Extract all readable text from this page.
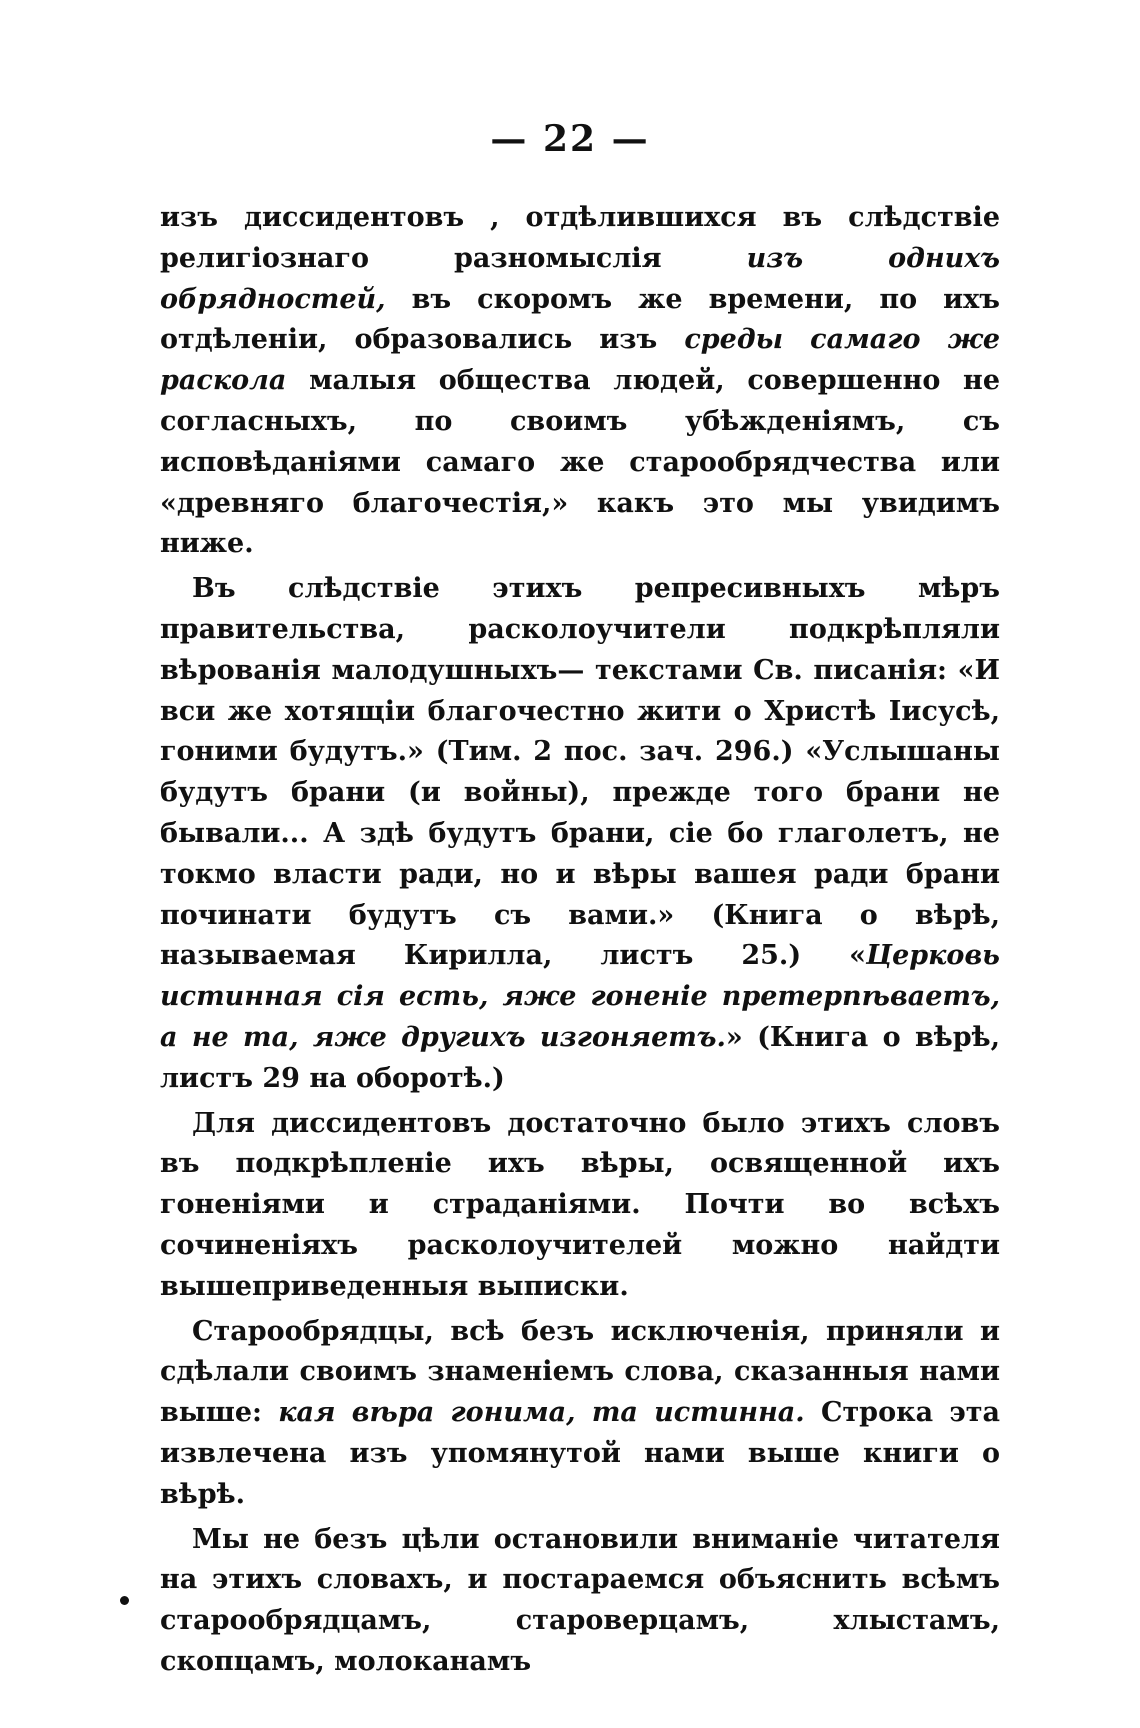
— 22 —

изъ диссидентовъ , отдѣлившихся въ слѣдствіе религіознаго разномыслія изъ однихъ обрядностей, въ скоромъ же времени, по ихъ отдѣленіи, образовались изъ среды самаго же раскола малыя общества людей, совершенно не согласныхъ, по своимъ убѣжденіямъ, съ исповѣданіями самаго же старообрядчества или «древняго благочестія,» какъ это мы увидимъ ниже.

Въ слѣдствіе этихъ репресивныхъ мѣръ правительства, расколоучители подкрѣпляли вѣрованія малодушныхъ— текстами Св. писанія: «И вси же хотящіи благочестно жити о Христѣ Іисусѣ, гоними будутъ.» (Тим. 2 пос. зач. 296.) «Услышаны будутъ брани (и войны), прежде того брани не бывали... А здѣ будутъ брани, сіе бо глаголетъ, не токмо власти ради, но и вѣры вашея ради брани починати будутъ съ вами.» (Книга о вѣрѣ, называемая Кирилла, листъ 25.) «Церковь истинная сія есть, яже гоненіе претерпѣваетъ, а не та, яже другихъ изгоняетъ.» (Книга о вѣрѣ, листъ 29 на оборотѣ.)

Для диссидентовъ достаточно было этихъ словъ въ подкрѣпленіе ихъ вѣры, освященной ихъ гоненіями и страданіями. Почти во всѣхъ сочиненіяхъ расколоучителей можно найдти вышеприведенныя выписки.

Старообрядцы, всѣ безъ исключенія, приняли и сдѣлали своимъ знаменіемъ слова, сказанныя нами выше: кая вѣра гонима, та истинна. Строка эта извлечена изъ упомянутой нами выше книги о вѣрѣ.

Мы не безъ цѣли остановили вниманіе читателя на этихъ словахъ, и постараемся объяснить всѣмъ старообрядцамъ, староверцамъ, хлыстамъ, скопцамъ, молоканамъ
